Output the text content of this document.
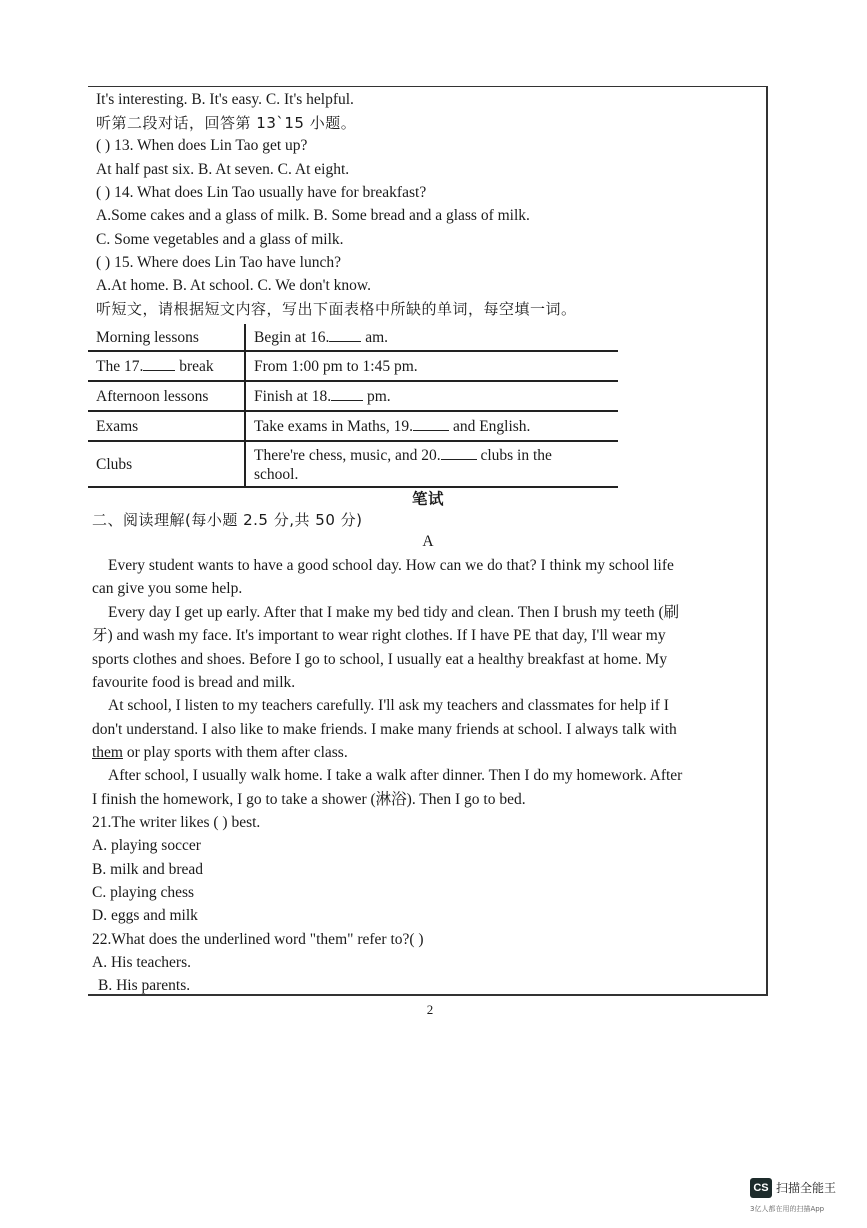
It's interesting. B. It's easy. C. It's helpful.
听第二段对话，回答第 13`15 小题。
( ) 13. When does Lin Tao get up?
At half past six. B. At seven. C. At eight.
( ) 14. What does Lin Tao usually have for breakfast?
A.Some cakes and a glass of milk. B. Some bread and a glass of milk.
C. Some vegetables and a glass of milk.
( ) 15. Where does Lin Tao have lunch?
A.At home. B. At school. C. We don't know.
听短文，请根据短文内容，写出下面表格中所缺的单词，每空填一词。
Morning lessons	Begin at 16. am.
The 17. break	From 1:00 pm to 1:45 pm.
Afternoon lessons	Finish at 18. pm.
Exams	Take exams in Maths, 19. and English.
Clubs	There're chess, music, and 20. clubs in the
school.
笔试
二、阅读理解(每小题 2.5 分,共 50 分)
A
Every student wants to have a good school day. How can we do that? I think my school life
can give you some help.
Every day I get up early. After that I make my bed tidy and clean. Then I brush my teeth (刷
牙) and wash my face. It's important to wear right clothes. If I have PE that day, I'll wear my
sports clothes and shoes. Before I go to school, I usually eat a healthy breakfast at home. My
favourite food is bread and milk.
At school, I listen to my teachers carefully. I'll ask my teachers and classmates for help if I
don't understand. I also like to make friends. I make many friends at school. I always talk with
them or play sports with them after class.
After school, I usually walk home. I take a walk after dinner. Then I do my homework. After
I finish the homework, I go to take a shower (淋浴). Then I go to bed.
21.The writer likes ( ) best.
A. playing soccer
B. milk and bread
C. playing chess
D. eggs and milk
22.What does the underlined word "them" refer to?( )
A. His teachers.
B. His parents.
2
CS 扫描全能王
3亿人都在用的扫描App
